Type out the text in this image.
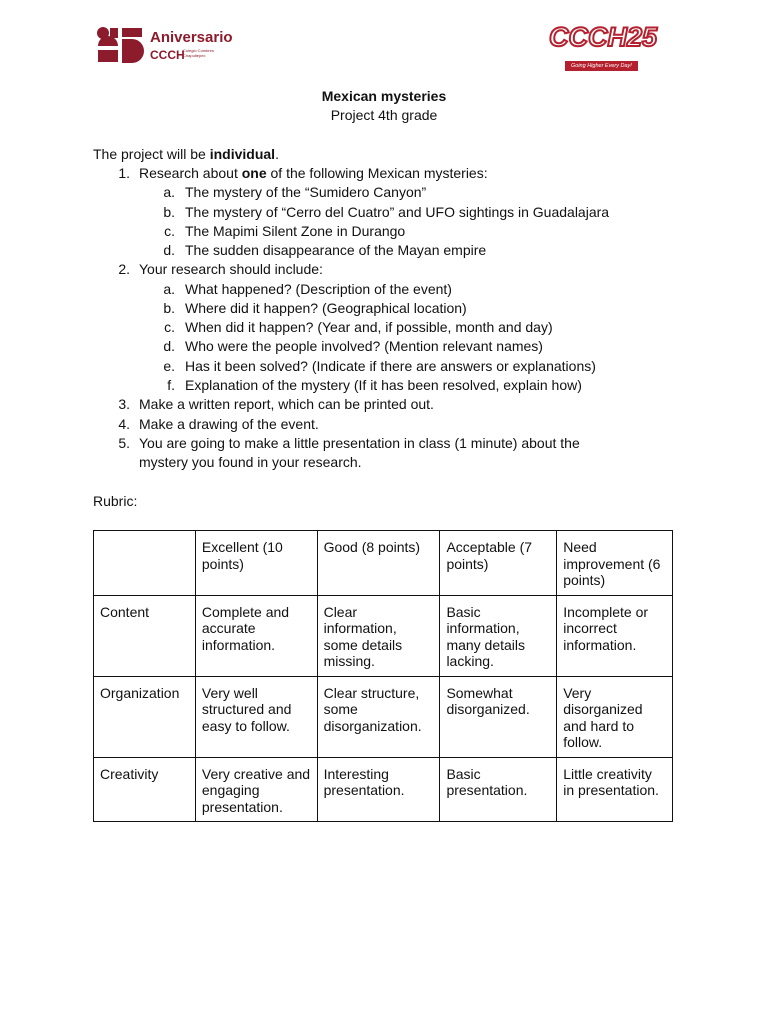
Aniversario
CCCH
Colegio Cumbres Chapultepec
CCCH25
Going Higher Every Day!
Mexican mysteries
Project 4th grade
The project will be individual.
1. Research about one of the following Mexican mysteries:
a. The mystery of the “Sumidero Canyon”
b. The mystery of “Cerro del Cuatro” and UFO sightings in Guadalajara
c. The Mapimi Silent Zone in Durango
d. The sudden disappearance of the Mayan empire
2. Your research should include:
a. What happened? (Description of the event)
b. Where did it happen? (Geographical location)
c. When did it happen? (Year and, if possible, month and day)
d. Who were the people involved? (Mention relevant names)
e. Has it been solved? (Indicate if there are answers or explanations)
f. Explanation of the mystery (If it has been resolved, explain how)
3. Make a written report, which can be printed out.
4. Make a drawing of the event.
5. You are going to make a little presentation in class (1 minute) about the
mystery you found in your research.
Rubric:
	Excellent (10 points)	Good (8 points)	Acceptable (7 points)	Need improvement (6 points)
Content	Complete and accurate information.	Clear information, some details missing.	Basic information, many details lacking.	Incomplete or incorrect information.
Organization	Very well structured and easy to follow.	Clear structure, some disorganization.	Somewhat disorganized.	Very disorganized and hard to follow.
Creativity	Very creative and engaging presentation.	Interesting presentation.	Basic presentation.	Little creativity in presentation.
